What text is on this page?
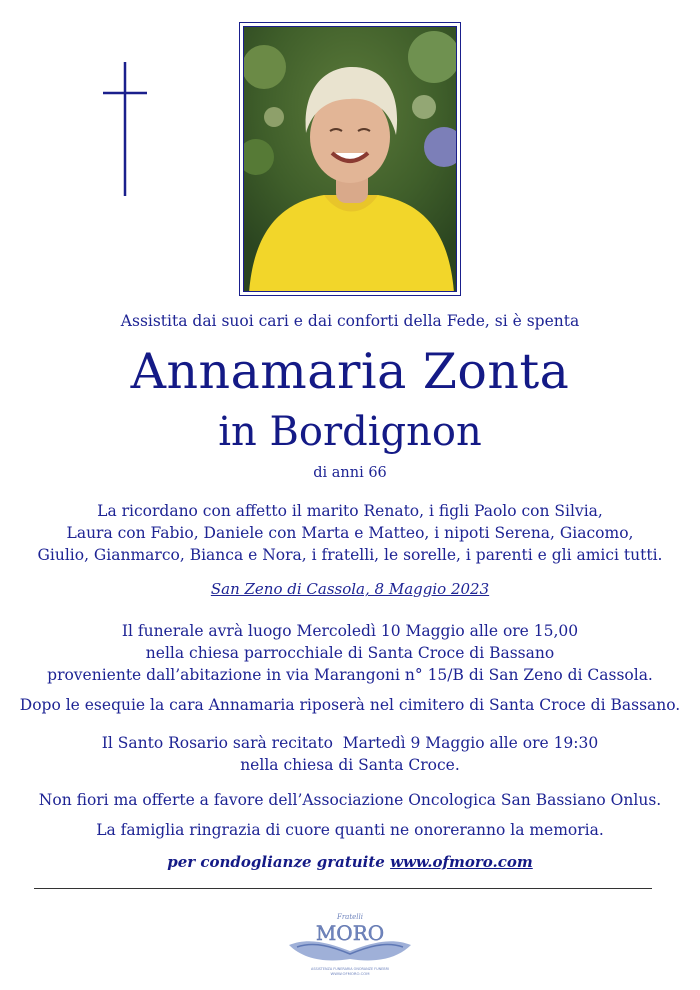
Assistita dai suoi cari e dai conforti della Fede, si è spenta
Annamaria Zonta
in Bordignon
di anni 66
La ricordano con affetto il marito Renato, i figli Paolo con Silvia,
Laura con Fabio, Daniele con Marta e Matteo, i nipoti Serena, Giacomo,
Giulio, Gianmarco, Bianca e Nora, i fratelli, le sorelle, i parenti e gli amici tutti.
San Zeno di Cassola, 8 Maggio 2023
Il funerale avrà luogo Mercoledì 10 Maggio alle ore 15,00
nella chiesa parrocchiale di Santa Croce di Bassano
proveniente dall’abitazione in via Marangoni n° 15/B di San Zeno di Cassola.
Dopo le esequie la cara Annamaria riposerà nel cimitero di Santa Croce di Bassano.
Il Santo Rosario sarà recitato  Martedì 9 Maggio alle ore 19:30
nella chiesa di Santa Croce.
Non fiori ma offerte a favore dell’Associazione Oncologica San Bassiano Onlus.
La famiglia ringrazia di cuore quanti ne onoreranno la memoria.
per condoglianze gratuite www.ofmoro.com
Fratelli
MORO
ASSISTENZA FUNERARIA ONORANZE FUNEBRI
WWW.OFMORO.COM
